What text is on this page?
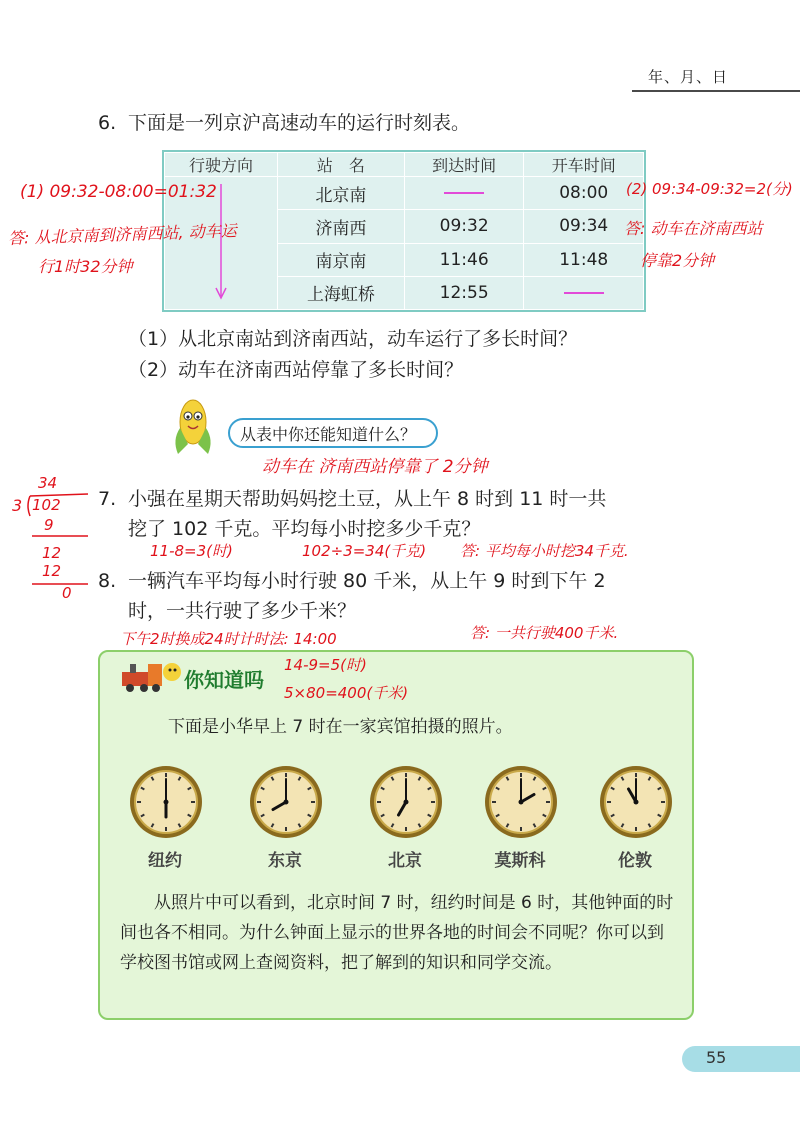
年、月、日
6. 下面是一列京沪高速动车的运行时刻表。
行驶方向	站　名	到达时间	开车时间
	北京南		08:00
	济南西	09:32	09:34
	南京南	11:46	11:48
	上海虹桥	12:55	
（1）从北京南站到济南西站，动车运行了多长时间？
（2）动车在济南西站停靠了多长时间？
从表中你还能知道什么？
7. 小强在星期天帮助妈妈挖土豆，从上午 8 时到 11 时一共
挖了 102 千克。平均每小时挖多少千克？
8. 一辆汽车平均每小时行驶 80 千米，从上午 9 时到下午 2
时，一共行驶了多少千米？
你知道吗
下面是小华早上 7 时在一家宾馆拍摄的照片。
纽约	东京	北京	莫斯科	伦敦

从照片中可以看到，北京时间 7 时，纽约时间是 6 时，其他钟面的时间也各不相同。为什么钟面上显示的世界各地的时间会不同呢？你可以到学校图书馆或网上查阅资料，把了解到的知识和同学交流。

(1) 09:32-08:00=01:32
答: 从北京南到济南西站, 动车运
行1时32分钟
(2) 09:34-09:32=2(分)
答: 动车在济南西站
停靠2分钟
动车在 济南西站停靠了 2分钟
34
3 102
9
12
12
0
11-8=3(时)	102÷3=34(千克) 答: 平均每小时挖34千克.
下午2时换成24时计时法: 14:00	答: 一共行驶400千米.
14-9=5(时)
5×80=400(千米)
55
